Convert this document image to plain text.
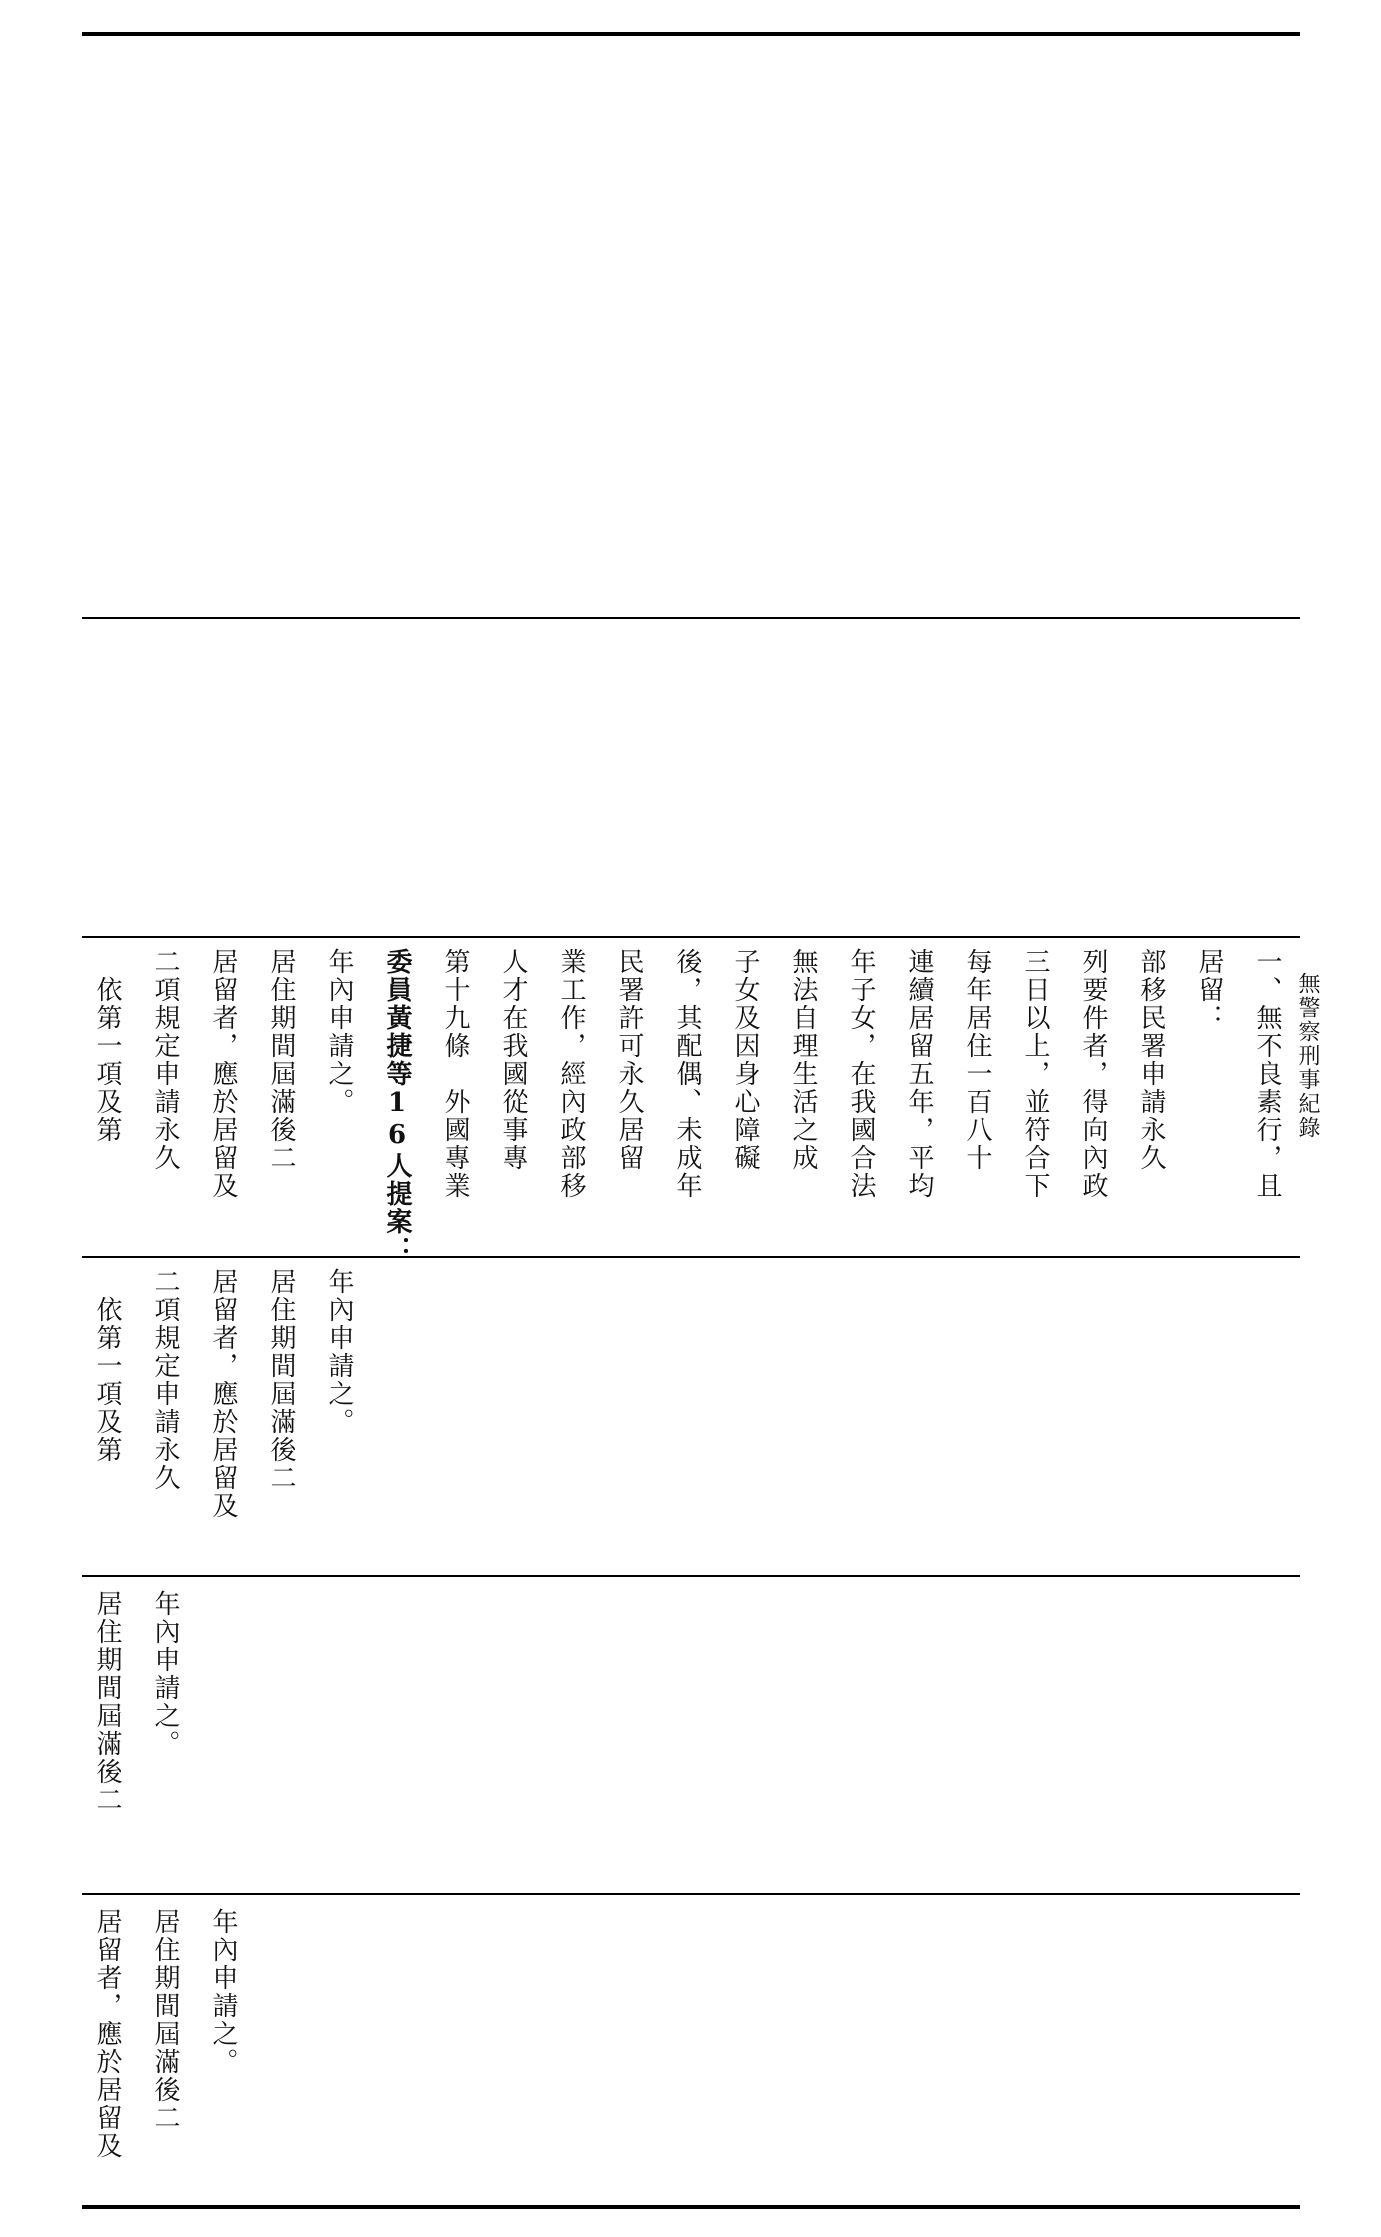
　依第一項及第 二項規定申請永久 居留者，應於居留及 居住期間屆滿後二 年內申請之。 委員黃捷等16人提案： 第十九條　外國專業 人才在我國從事專 業工作，經內政部移 民署許可永久居留 後，其配偶、未成年 子女及因身心障礙 無法自理生活之成 年子女，在我國合法 連續居留五年，平均 每年居住一百八十 三日以上，並符合下 列要件者，得向內政 部移民署申請永久 居留： 一、無不良素行，且 　無警察刑事紀錄
　依第一項及第 二項規定申請永久 居留者，應於居留及 居住期間屆滿後二 年內申請之。
居住期間屆滿後二 年內申請之。
居留者，應於居留及 居住期間屆滿後二 年內申請之。
